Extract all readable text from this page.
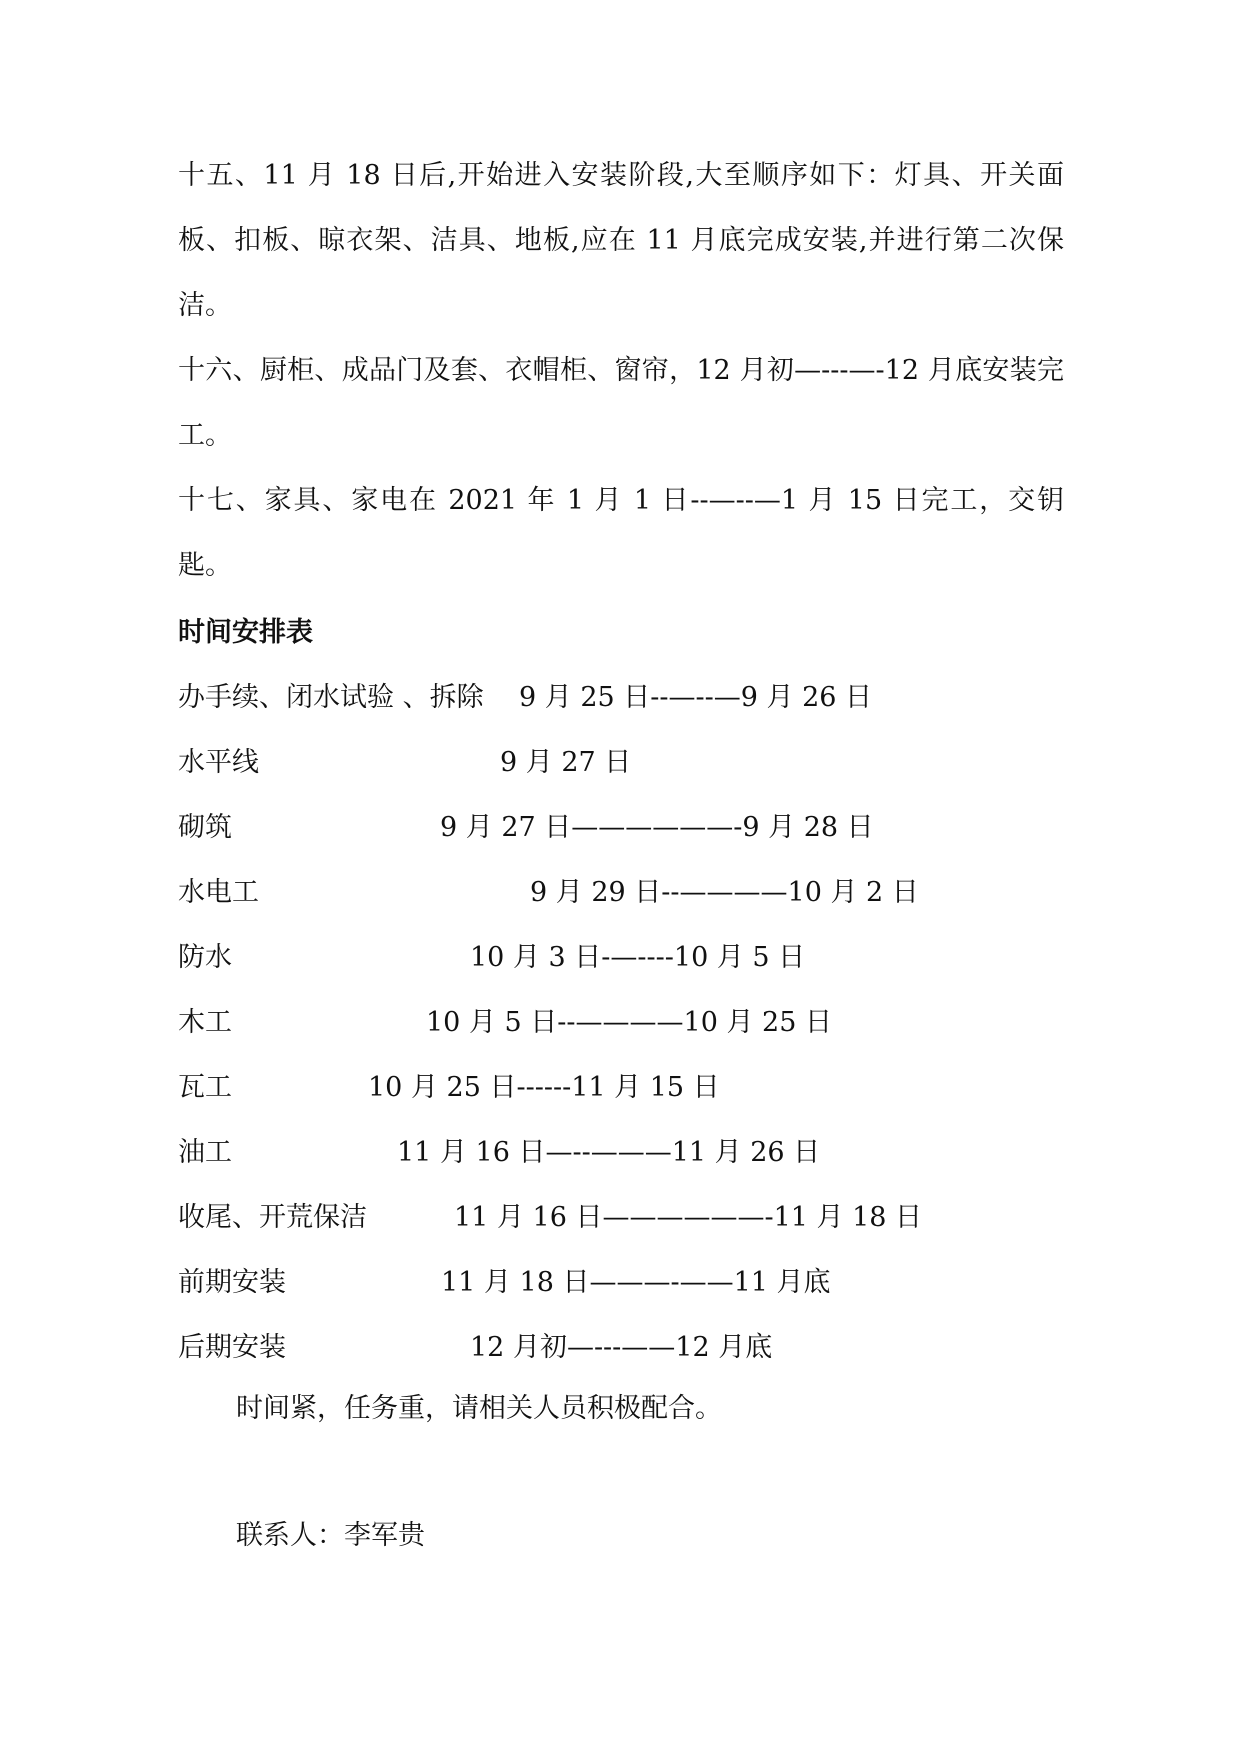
十五、11 月 18 日后,开始进入安装阶段,大至顺序如下：灯具、开关面板、扣板、晾衣架、洁具、地板,应在 11 月底完成安装,并进行第二次保洁。

十六、厨柜、成品门及套、衣帽柜、窗帘，12 月初—---—-12 月底安装完工。

十七、家具、家电在 2021 年 1 月 1 日--—--—1 月 15 日完工，交钥匙。

时间安排表
办手续、闭水试验 、拆除 9 月 25 日--—--—9 月 26 日
水平线	9 月 27 日
砌筑	9 月 27 日——————-9 月 28 日
水电工	9 月 29 日--————10 月 2 日
防水	10 月 3 日-—----10 月 5 日
木工	10 月 5 日--————10 月 25 日
瓦工	10 月 25 日------11 月 15 日
油工	11 月 16 日—--———11 月 26 日
收尾、开荒保洁	11 月 16 日——————-11 月 18 日
前期安装	11 月 18 日———-——11 月底
后期安装	12 月初—---——12 月底

时间紧，任务重，请相关人员积极配合。

联系人：李军贵
